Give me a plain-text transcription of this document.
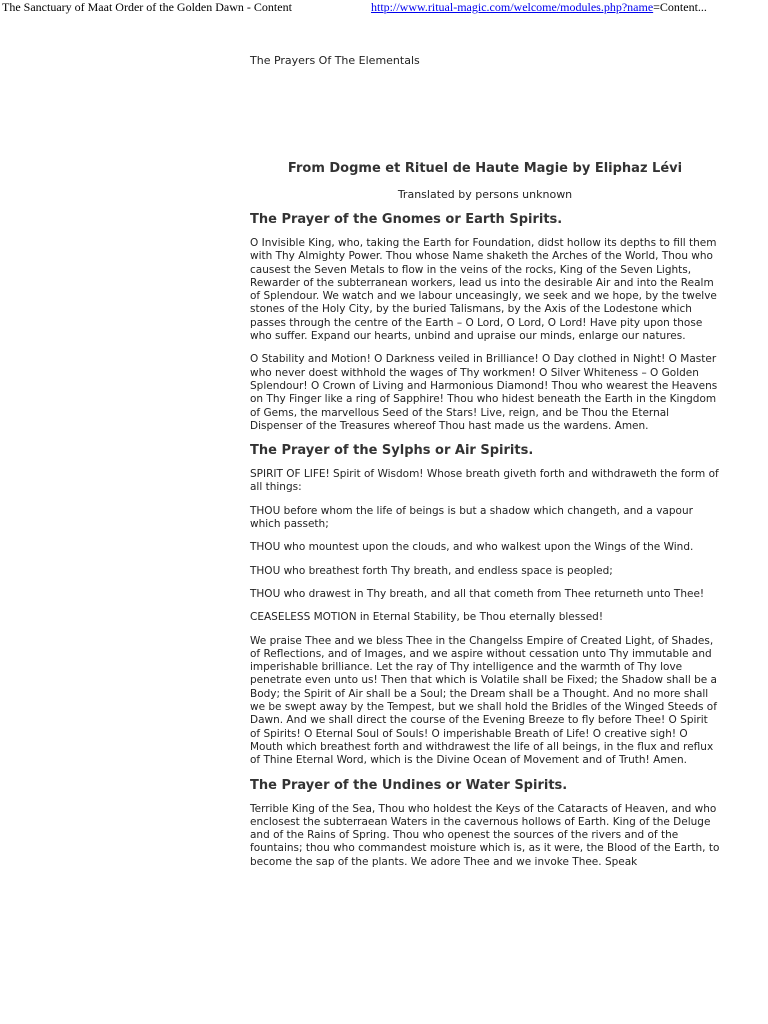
The Sanctuary of Maat Order of the Golden Dawn - Content	http://www.ritual-magic.com/welcome/modules.php?name=Content...
The Prayers Of The Elementals
From Dogme et Rituel de Haute Magie by Eliphaz Lévi
Translated by persons unknown
The Prayer of the Gnomes or Earth Spirits.

O Invisible King, who, taking the Earth for Foundation, didst hollow its depths to fill them with Thy Almighty Power. Thou whose Name shaketh the Arches of the World, Thou who causest the Seven Metals to flow in the veins of the rocks, King of the Seven Lights, Rewarder of the subterranean workers, lead us into the desirable Air and into the Realm of Splendour. We watch and we labour unceasingly, we seek and we hope, by the twelve stones of the Holy City, by the buried Talismans, by the Axis of the Lodestone which passes through the centre of the Earth – O Lord, O Lord, O Lord! Have pity upon those who suffer. Expand our hearts, unbind and upraise our minds, enlarge our natures.

O Stability and Motion! O Darkness veiled in Brilliance! O Day clothed in Night! O Master who never doest withhold the wages of Thy workmen! O Silver Whiteness – O Golden Splendour! O Crown of Living and Harmonious Diamond! Thou who wearest the Heavens on Thy Finger like a ring of Sapphire! Thou who hidest beneath the Earth in the Kingdom of Gems, the marvellous Seed of the Stars! Live, reign, and be Thou the Eternal Dispenser of the Treasures whereof Thou hast made us the wardens. Amen.

The Prayer of the Sylphs or Air Spirits.

SPIRIT OF LIFE! Spirit of Wisdom! Whose breath giveth forth and withdraweth the form of all things:

THOU before whom the life of beings is but a shadow which changeth, and a vapour which passeth;

THOU who mountest upon the clouds, and who walkest upon the Wings of the Wind.

THOU who breathest forth Thy breath, and endless space is peopled;

THOU who drawest in Thy breath, and all that cometh from Thee returneth unto Thee!

CEASELESS MOTION in Eternal Stability, be Thou eternally blessed!

We praise Thee and we bless Thee in the Changelss Empire of Created Light, of Shades, of Reflections, and of Images, and we aspire without cessation unto Thy immutable and imperishable brilliance. Let the ray of Thy intelligence and the warmth of Thy love penetrate even unto us! Then that which is Volatile shall be Fixed; the Shadow shall be a Body; the Spirit of Air shall be a Soul; the Dream shall be a Thought. And no more shall we be swept away by the Tempest, but we shall hold the Bridles of the Winged Steeds of Dawn. And we shall direct the course of the Evening Breeze to fly before Thee! O Spirit of Spirits! O Eternal Soul of Souls! O imperishable Breath of Life! O creative sigh! O Mouth which breathest forth and withdrawest the life of all beings, in the flux and reflux of Thine Eternal Word, which is the Divine Ocean of Movement and of Truth! Amen.

The Prayer of the Undines or Water Spirits.

Terrible King of the Sea, Thou who holdest the Keys of the Cataracts of Heaven, and who enclosest the subterraean Waters in the cavernous hollows of Earth. King of the Deluge and of the Rains of Spring. Thou who openest the sources of the rivers and of the fountains; thou who commandest moisture which is, as it were, the Blood of the Earth, to become the sap of the plants. We adore Thee and we invoke Thee. Speak
